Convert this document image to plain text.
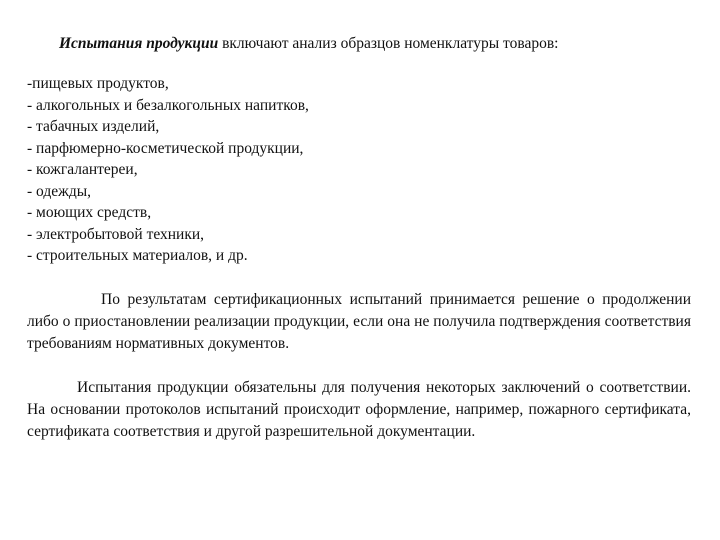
Испытания продукции включают анализ образцов номенклатуры товаров:
-пищевых продуктов,
- алкогольных и безалкогольных напитков,
- табачных изделий,
- парфюмерно-косметической продукции,
- кожгалантереи,
- одежды,
- моющих средств,
- электробытовой техники,
- строительных материалов, и др.

По результатам сертификационных испытаний принимается решение о продолжении либо о приостановлении реализации продукции, если она не получила подтверждения соответствия требованиям нормативных документов.

Испытания продукции обязательны для получения некоторых заключений о соответствии. На основании протоколов испытаний происходит оформление, например, пожарного сертификата, сертификата соответствия и другой разрешительной документации.
